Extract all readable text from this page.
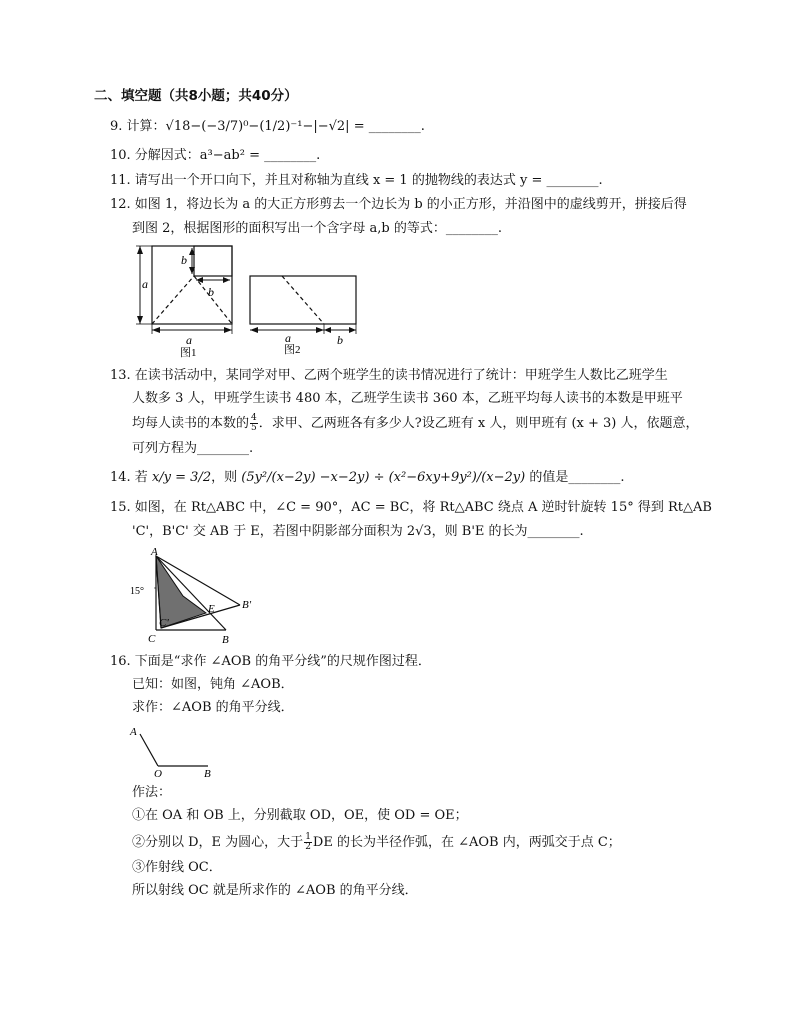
二、填空题（共8小题；共40分）
9. 计算：√18−(−3/7)⁰−(1/2)⁻¹−|−√2| = ________.
10. 分解因式：a³−ab² = ________.
11. 请写出一个开口向下，并且对称轴为直线 x = 1 的抛物线的表达式 y = ________.
12. 如图 1，将边长为 a 的大正方形剪去一个边长为 b 的小正方形，并沿图中的虚线剪开，拼接后得
到图 2，根据图形的面积写出一个含字母 a,b 的等式：________.
a
b
b
a
图1
a	b
图2
13. 在读书活动中，某同学对甲、乙两个班学生的读书情况进行了统计：甲班学生人数比乙班学生
人数多 3 人，甲班学生读书 480 本，乙班学生读书 360 本，乙班平均每人读书的本数是甲班平
均每人读书的本数的 $\frac{4}{5}$ ．求甲、乙两班各有多少人?设乙班有 x 人，则甲班有 (x + 3) 人，依题意，
可列方程为________.
14. 若 x/y = 3/2，则 (5y²/(x−2y) −x−2y) ÷ (x²−6xy+9y²)/(x−2y) 的值是________.
15. 如图，在 Rt△ABC 中，∠C = 90°，AC = BC，将 Rt△ABC 绕点 A 逆时针旋转 15° 得到 Rt△AB
'C'，B'C' 交 AB 于 E，若图中阴影部分面积为 2√3，则 B'E 的长为________.
A
15°
C'
E B'
C	B
16. 下面是“求作 ∠AOB 的角平分线”的尺规作图过程．
已知：如图，钝角 ∠AOB．
求作：∠AOB 的角平分线．
A
O	B
作法：
①在 OA 和 OB 上，分别截取 OD，OE，使 OD = OE；
②分别以 D，E 为圆心，大于 $\frac{1}{2}$ DE 的长为半径作弧，在 ∠AOB 内，两弧交于点 C；
③作射线 OC．
所以射线 OC 就是所求作的 ∠AOB 的角平分线．
